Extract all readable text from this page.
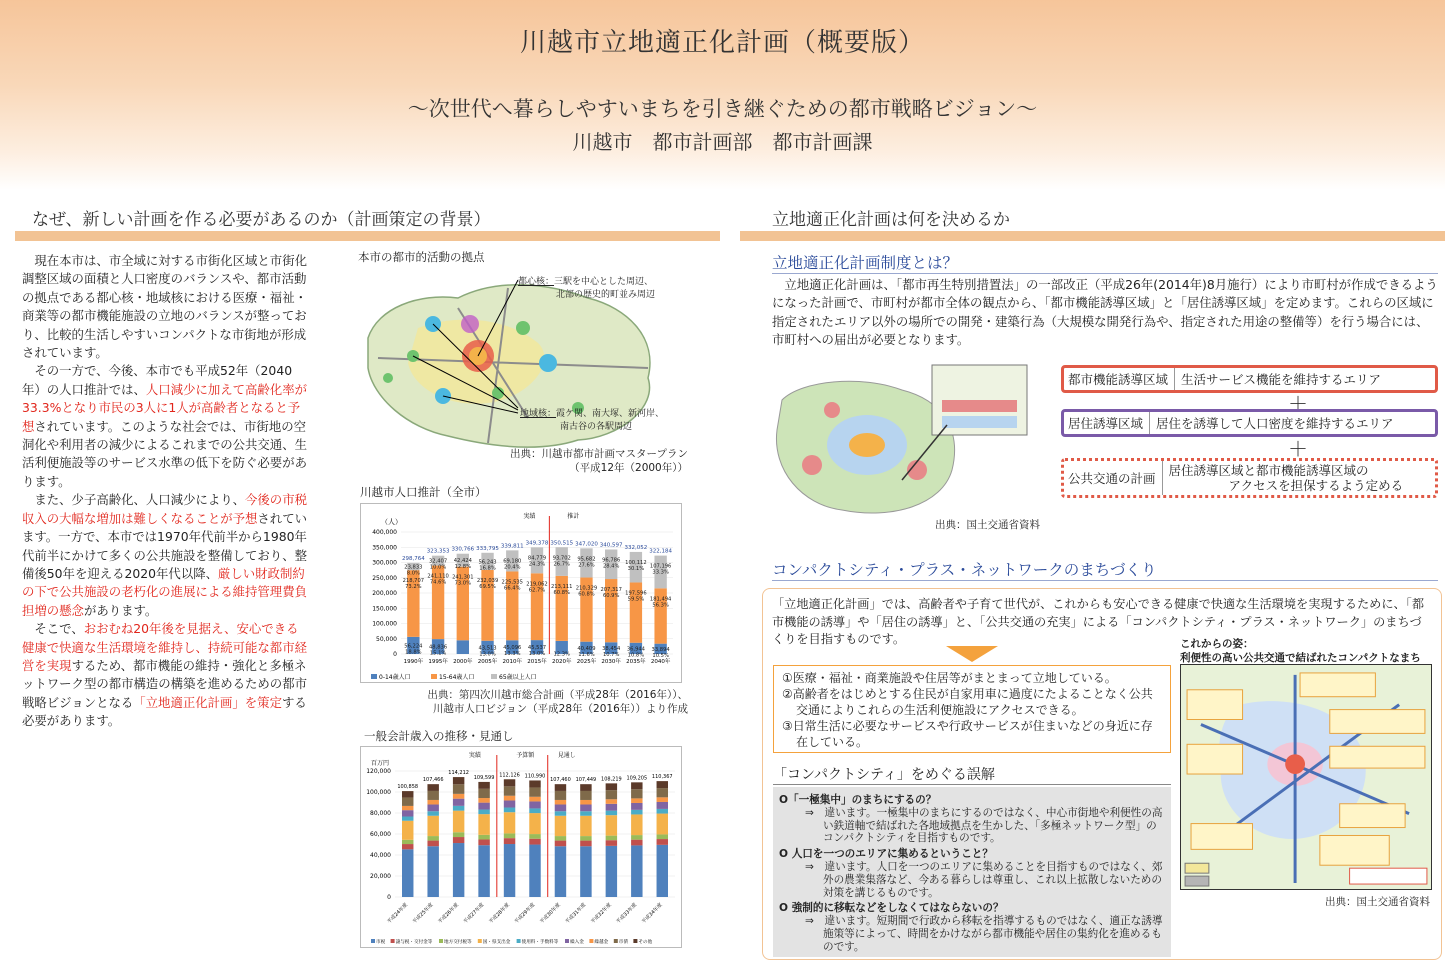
川越市立地適正化計画（概要版）
～次世代へ暮らしやすいまちを引き継ぐための都市戦略ビジョン～
川越市　都市計画部　都市計画課
なぜ、新しい計画を作る必要があるのか（計画策定の背景）

現在本市は、市全域に対する市街化区域と市街化調整区域の面積と人口密度のバランスや、都市活動の拠点である都心核・地域核における医療・福祉・商業等の都市機能施設の立地のバランスが整っており、比較的生活しやすいコンパクトな市街地が形成されています。

その一方で、今後、本市でも平成52年（2040年）の人口推計では、人口減少に加えて高齢化率が33.3%となり市民の3人に1人が高齢者となると予想されています。このような社会では、市街地の空洞化や利用者の減少によるこれまでの公共交通、生活利便施設等のサービス水準の低下を防ぐ必要があります。

また、少子高齢化、人口減少により、今後の市税収入の大幅な増加は難しくなることが予想されています。一方で、本市では1970年代前半から1980年代前半にかけて多くの公共施設を整備しており、整備後50年を迎える2020年代以降、厳しい財政制約の下で公共施設の老朽化の進展による維持管理費負担増の懸念があります。

そこで、おおむね20年後を見据え、安心できる健康で快適な生活環境を維持し、持続可能な都市経営を実現するため、都市機能の維持・強化と多極ネットワーク型の都市構造の構築を進めるための都市戦略ビジョンとなる「立地適正化計画」を策定する必要があります。

本市の都市的活動の拠点
都心核：三駅を中心とした周辺、
北部の歴史的町並み周辺
地域核：霞ケ関、南大塚、新河岸、
南古谷の各駅周辺
出典：川越市都市計画マスタープラン
（平成12年（2000年））
川越市人口推計（全市）
（人）
400,000
350,000
300,000
250,000
200,000
150,000
100,000
50,000
0
56,224
18.8%
218,707
73.2%
23,833
8.0%
298,764
1990年
48,836
15.1%
241,110
74.6%
32,407
10.0%
323,353
1995年
241,301
73.0%
42,424
12.8%
330,766
2000年
43,513
13.0%
232,039
69.5%
56,243
16.8%
333,795
2005年
45,096
13.3%
225,535
66.4%
69,180
20.4%
339,811
2010年
45,537
13.0%
219,062
62.7%
84,779
24.3%
349,378
2015年
12.3%
213,111
60.8%
93,702
26.7%
350,515
2020年
40,409
11.6%
210,329
60.8%
95,682
27.6%
347,020
2025年
38,454
10.7%
207,317
60.9%
96,786
28.4%
340,597
2030年
36,944
10.8%
197,596
59.5%
100,112
30.1%
332,052
2035年
33,894
10.5%
181,494
56.3%
107,196
33.3%
322,184
2040年
実績	推計
0-14歳人口	15-64歳人口	65歳以上人口
出典：第四次川越市総合計画（平成28年（2016年））、
川越市人口ビジョン（平成28年（2016年））より作成
一般会計歳入の推移・見通し
百万円
120,000
100,000
80,000
60,000
40,000
20,000
0
100,858
平成24年度
107,466
平成25年度
114,212
平成26年度
109,599
平成27年度
112,126
平成28年度
110,990
平成29年度
107,460
平成30年度
107,449
平成31年度
108,219
平成32年度
109,205
平成33年度
110,367
平成34年度
実績	予算額	見通し
市税 譲与税・交付金等	地方交付税等 国・県支出金 使用料・手数料等	繰入金 繰越金 市債 その他
立地適正化計画は何を決めるか
立地適正化計画制度とは？
立地適正化計画は、「都市再生特別措置法」の一部改正（平成26年(2014年)8月施行）により市町村が作成できるようになった計画で、市町村が都市全体の観点から、「都市機能誘導区域」と「居住誘導区域」を定めます。これらの区域に指定されたエリア以外の場所での開発・建築行為（大規模な開発行為や、指定された用途の整備等）を行う場合には、市町村への届出が必要となります。
出典：国土交通省資料
都市機能誘導区域	生活サービス機能を維持するエリア
＋
居住誘導区域	居住を誘導して人口密度を維持するエリア
＋
公共交通の計画
居住誘導区域と都市機能誘導区域の
アクセスを担保するよう定める
コンパクトシティ・プラス・ネットワークのまちづくり
「立地適正化計画」では、高齢者や子育て世代が、これからも安心できる健康で快適な生活環境を実現するために、「都市機能の誘導」や「居住の誘導」と、「公共交通の充実」による「コンパクトシティ・プラス・ネットワーク」のまちづくりを目指すものです。
①医療・福祉・商業施設や住居等がまとまって立地している。
②高齢者をはじめとする住民が自家用車に過度にたよることなく公共交通によりこれらの生活利便施設にアクセスできる。
③日常生活に必要なサービスや行政サービスが住まいなどの身近に存在している。
「コンパクトシティ」をめぐる誤解
O「一極集中」のまちにするの？
⇒　違います。一極集中のまちにするのではなく、中心市街地や利便性の高い鉄道軸で結ばれた各地域拠点を生かした、「多極ネットワーク型」のコンパクトシティを目指すものです。
O 人口を一つのエリアに集めるということ？
⇒　違います。人口を一つのエリアに集めることを目指すものではなく、郊外の農業集落など、今ある暮らしは尊重し、これ以上拡散しないための対策を講じるものです。
O 強制的に移転などをしなくてはならないの？
⇒　違います。短期間で行政から移転を指導するものではなく、適正な誘導施策等によって、時間をかけながら都市機能や居住の集約化を進めるものです。
これからの姿：
利便性の高い公共交通で結ばれたコンパクトなまち
出典：国土交通省資料
